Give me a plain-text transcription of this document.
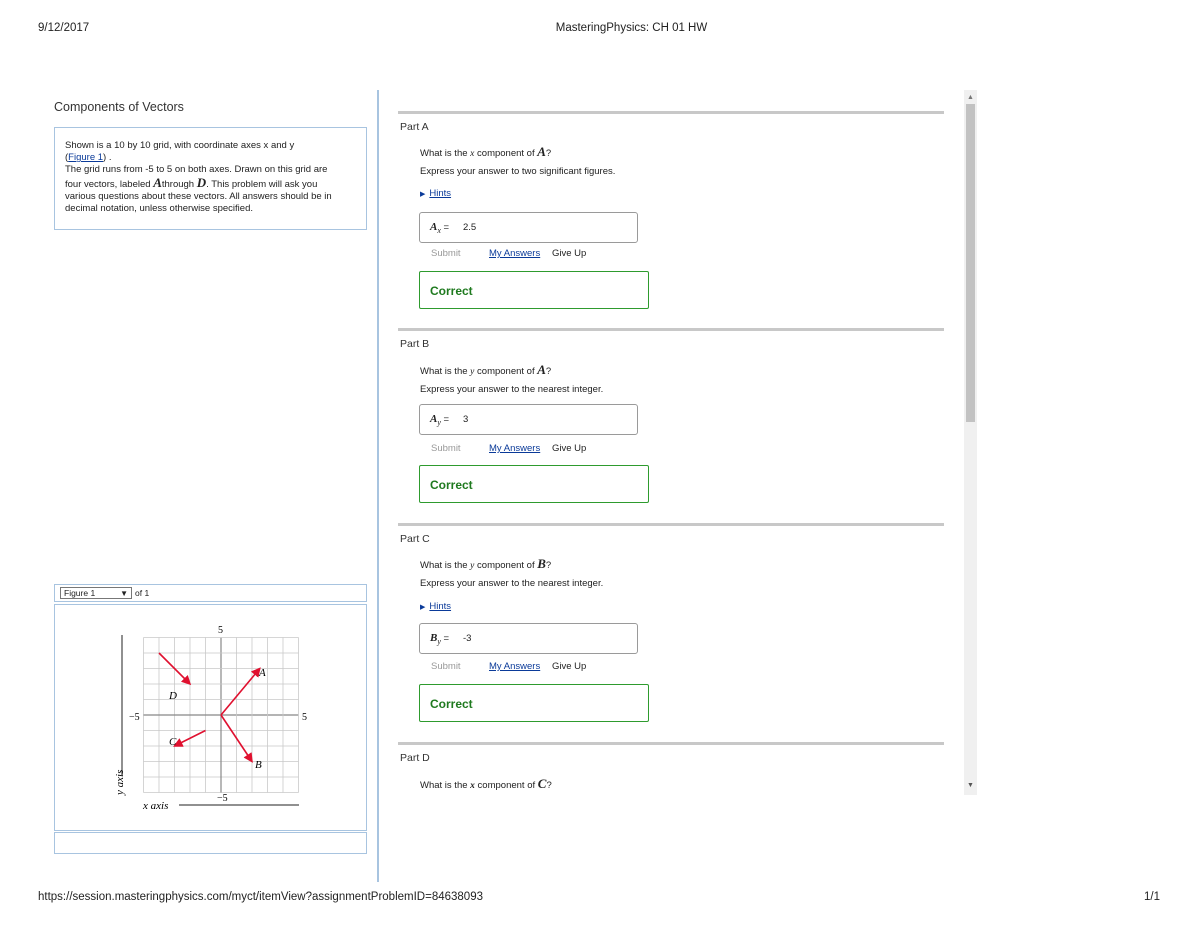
9/12/2017	MasteringPhysics: CH 01 HW
Components of Vectors
Shown is a 10 by 10 grid, with coordinate axes x and y
(Figure 1) .
The grid runs from -5 to 5 on both axes. Drawn on this grid are
four vectors, labeled Athrough D. This problem will ask you
various questions about these vectors. All answers should be in
decimal notation, unless otherwise specified.
Figure 1	▼ of 1
5
−5
−5	5
x axis
y axis
A
B
C
D
Part A
What is the x component of A?
Express your answer to two significant figures.
▶ Hints
$A_x = 2.5$
Submit	My Answers	Give Up
Correct
Part B
What is the y component of A?
Express your answer to the nearest integer.
$A_y = 3$
Submit	My Answers	Give Up
Correct
Part C
What is the y component of B?
Express your answer to the nearest integer.
▶ Hints
$B_y = -3$
Submit	My Answers	Give Up
Correct
Part D
What is the x component of C?
▲
▼
https://session.masteringphysics.com/myct/itemView?assignmentProblemID=84638093	1/1
